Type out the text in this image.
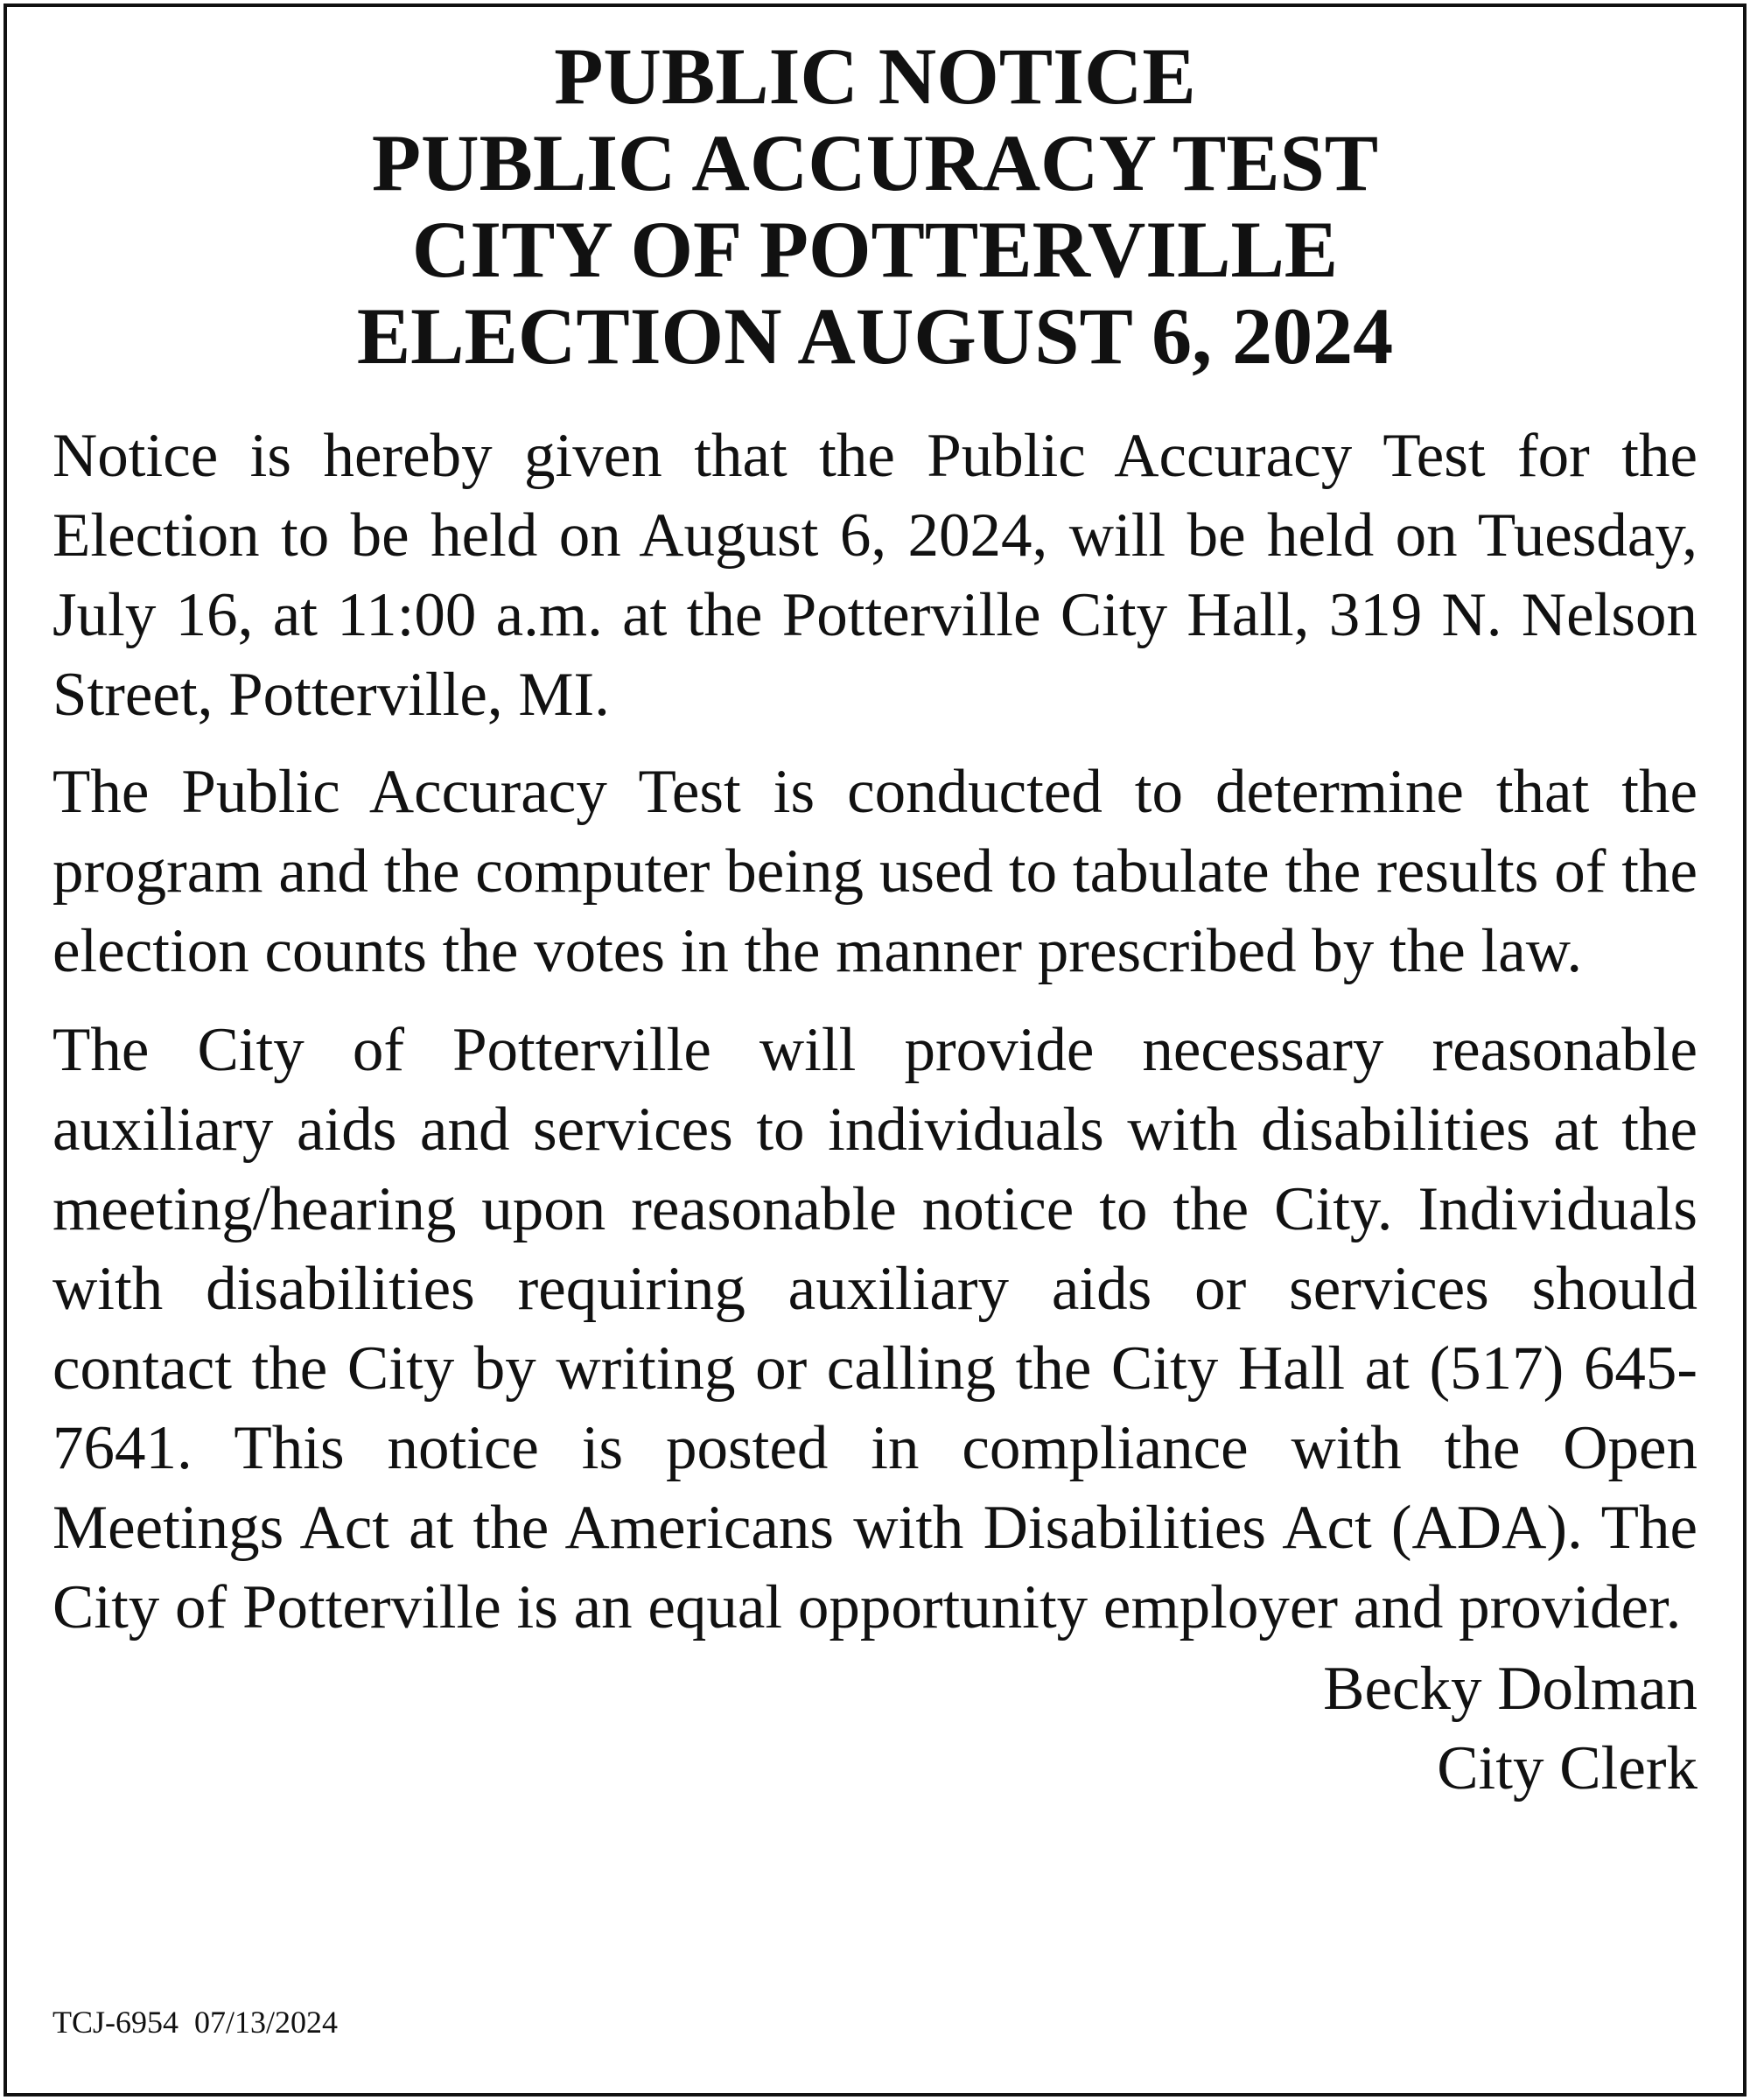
PUBLIC NOTICE
PUBLIC ACCURACY TEST
CITY OF POTTERVILLE
ELECTION AUGUST 6, 2024

Notice is hereby given that the Public Accuracy Test for the Election to be held on August 6, 2024, will be held on Tuesday, July 16, at 11:00 a.m. at the Potterville City Hall, 319 N. Nelson Street, Potterville, MI.

The Public Accuracy Test is conducted to determine that the program and the computer being used to tabulate the results of the election counts the votes in the manner prescribed by the law.

The City of Potterville will provide necessary reasonable auxiliary aids and services to individuals with disabilities at the meeting/hearing upon reasonable notice to the City. Individuals with disabilities requiring auxiliary aids or services should contact the City by writing or calling the City Hall at (517) 645-7641. This notice is posted in compliance with the Open Meetings Act at the Americans with Disabilities Act (ADA). The City of Potterville is an equal opportunity employer and provider.

Becky Dolman
City Clerk
TCJ-6954  07/13/2024
